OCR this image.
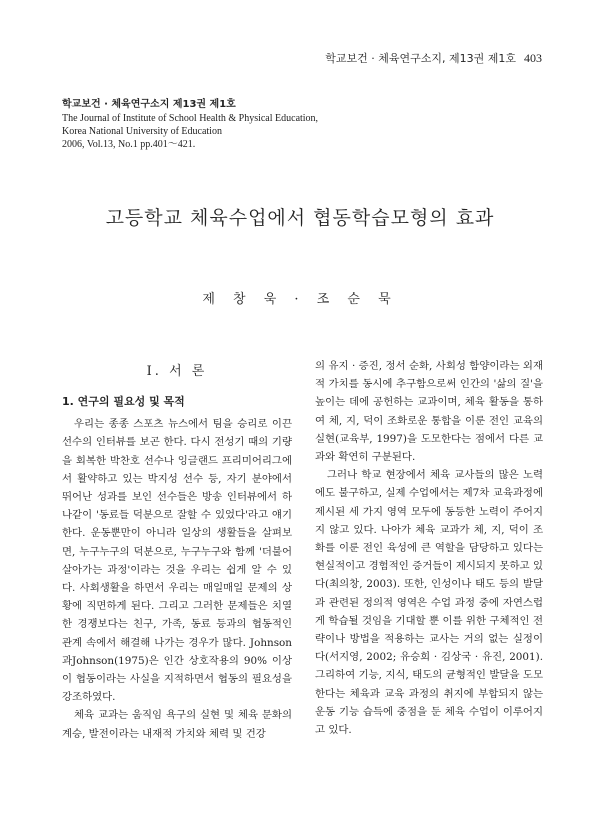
학교보건 · 체육연구소지, 제13권 제1호 403
학교보건 · 체육연구소지 제13권 제1호
The Journal of Institute of School Health & Physical Education,
Korea National University of Education
2006, Vol.13, No.1 pp.401～421.
고등학교 체육수업에서 협동학습모형의 효과
제 창 욱 · 조 순 묵
Ⅰ. 서 론
1. 연구의 필요성 및 목적

우리는 종종 스포츠 뉴스에서 팀을 승리로 이끈 선수의 인터뷰를 보곤 한다. 다시 전성기 때의 기량을 회복한 박찬호 선수나 잉글랜드 프리미어리그에서 활약하고 있는 박지성 선수 등, 자기 분야에서 뛰어난 성과를 보인 선수들은 방송 인터뷰에서 하나같이 '동료들 덕분으로 잘할 수 있었다'라고 얘기한다. 운동뿐만이 아니라 일상의 생활들을 살펴보면, 누구누구의 덕분으로, 누구누구와 함께 '더불어 살아가는 과정'이라는 것을 우리는 쉽게 알 수 있다. 사회생활을 하면서 우리는 매일매일 문제의 상황에 직면하게 된다. 그리고 그러한 문제들은 치열한 경쟁보다는 친구, 가족, 동료 등과의 협동적인 관계 속에서 해결해 나가는 경우가 많다. Johnson 과Johnson(1975)은 인간 상호작용의 90% 이상이 협동이라는 사실을 지적하면서 협동의 필요성을 강조하였다.

체육 교과는 움직임 욕구의 실현 및 체육 문화의 계승, 발전이라는 내재적 가치와 체력 및 건강

의 유지 · 증진, 정서 순화, 사회성 함양이라는 외재적 가치를 동시에 추구함으로써 인간의 '삶의 질'을 높이는 데에 공헌하는 교과이며, 체육 활동을 통하여 체, 지, 덕이 조화로운 통합을 이룬 전인 교육의 실현(교육부, 1997)을 도모한다는 점에서 다른 교과와 확연히 구분된다.

그러나 학교 현장에서 체육 교사들의 많은 노력에도 불구하고, 실제 수업에서는 제7차 교육과정에 제시된 세 가지 영역 모두에 동등한 노력이 주어지지 않고 있다. 나아가 체육 교과가 체, 지, 덕이 조화를 이룬 전인 육성에 큰 역할을 담당하고 있다는 현실적이고 경험적인 증거들이 제시되지 못하고 있다(최의창, 2003). 또한, 인성이나 태도 등의 발달과 관련된 정의적 영역은 수업 과정 중에 자연스럽게 학습될 것임을 기대할 뿐 이를 위한 구체적인 전략이나 방법을 적용하는 교사는 거의 없는 실정이다(서지영, 2002; 유승희 · 김상국 · 유진, 2001). 그리하여 기능, 지식, 태도의 균형적인 발달을 도모한다는 체육과 교육 과정의 취지에 부합되지 않는 운동 기능 습득에 중점을 둔 체육 수업이 이루어지고 있다.
